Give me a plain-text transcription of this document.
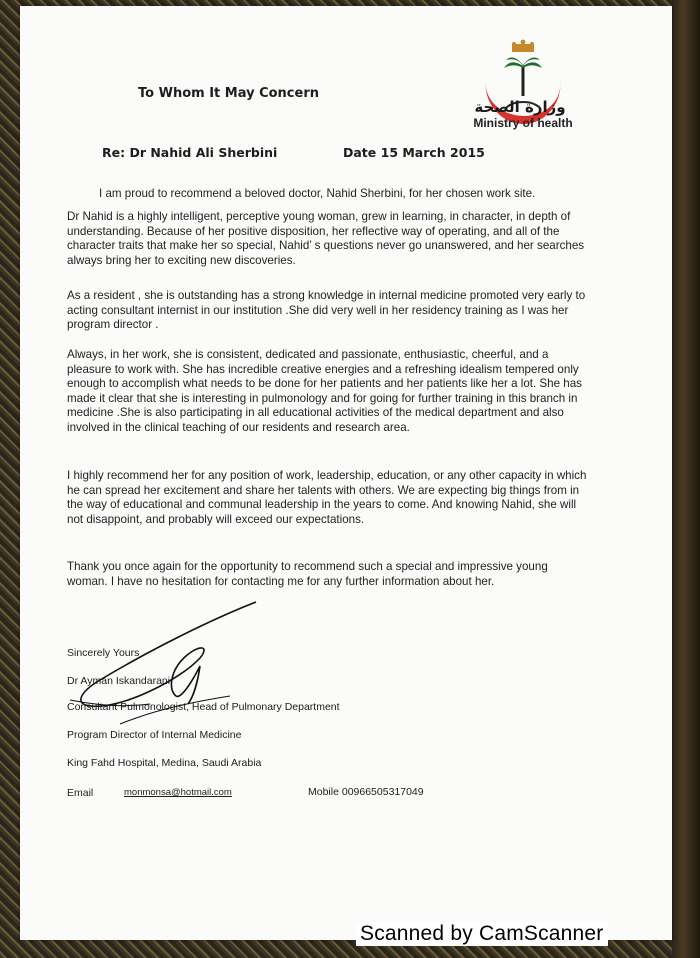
To Whom It May Concern
وزارة الصحة
Ministry of health
Re: Dr Nahid Ali Sherbini	Date 15 March 2015

I am proud to recommend a beloved doctor, Nahid Sherbini, for her chosen work site.

Dr Nahid is a highly intelligent, perceptive young woman, grew in learning, in character, in depth of understanding. Because of her positive disposition, her reflective way of operating, and all of the character traits that make her so special, Nahid’ s questions never go unanswered, and her searches always bring her to exciting new discoveries.

As a resident , she is outstanding has a strong knowledge in internal medicine promoted very early to acting consultant internist in our institution .She did very well in her residency training as I was her program director .

Always, in her work, she is consistent, dedicated and passionate, enthusiastic, cheerful, and a pleasure to work with. She has incredible creative energies and a refreshing idealism tempered only enough to accomplish what needs to be done for her patients and her patients like her a lot. She has made it clear that she is interesting in pulmonology and for going for further training in this branch in medicine .She is also participating in all educational activities of the medical department and also involved in the clinical teaching of our residents and research area.

I highly recommend her for any position of work, leadership, education, or any other capacity in which he can spread her excitement and share her talents with others. We are expecting big things from in the way of educational and communal leadership in the years to come. And knowing Nahid, she will not disappoint, and probably will exceed our expectations.

Thank you once again for the opportunity to recommend such a special and impressive young woman. I have no hesitation for contacting me for any further information about her.

Sincerely Yours
Dr Ayman Iskandarani
Consultant Pulmonologist, Head of Pulmonary Department
Program Director of Internal Medicine
King Fahd Hospital, Medina, Saudi Arabia
Email	monmonsa@hotmail.com	Mobile 00966505317049
Scanned by CamScanner
